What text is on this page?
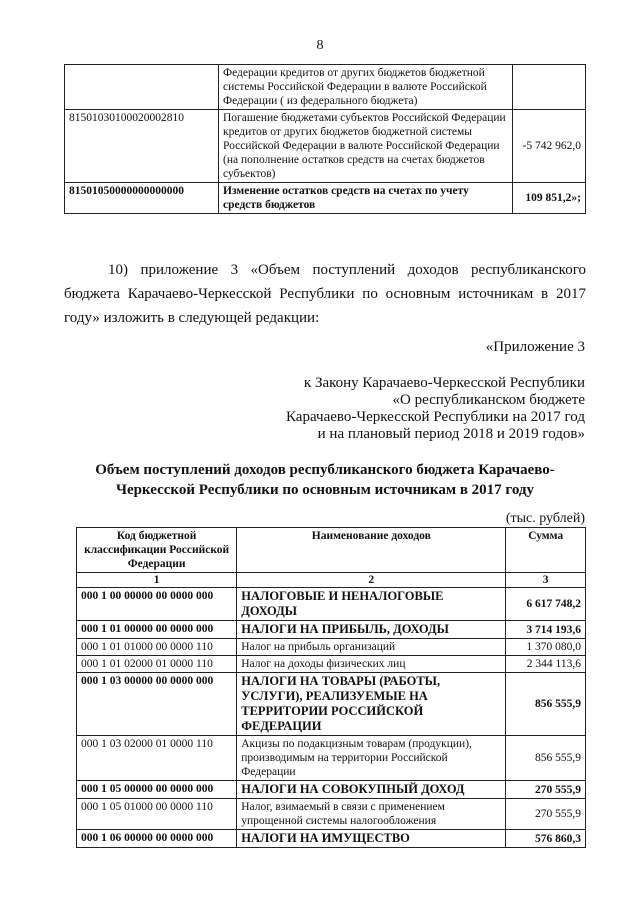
8
	Федерации кредитов от других бюджетов бюджетной системы Российской Федерации в валюте Российской Федерации ( из федерального бюджета)	
81501030100020002810	Погашение бюджетами субъектов Российской Федерации кредитов от других бюджетов бюджетной системы Российской Федерации в валюте Российской Федерации (на пополнение остатков средств на счетах бюджетов субъектов)	-5 742 962,0
81501050000000000000	Изменение остатков средств на счетах по учету средств бюджетов	109 851,2»;

10) приложение 3 «Объем поступлений доходов республиканского бюджета Карачаево-Черкесской Республики по основным источникам в 2017 году» изложить в следующей редакции:

«Приложение 3
к Закону Карачаево-Черкесской Республики
«О республиканском бюджете
Карачаево-Черкесской Республики на 2017 год
и на плановый период 2018 и 2019 годов»
Объем поступлений доходов республиканского бюджета Карачаево-Черкесской Республики по основным источникам в 2017 году
(тыс. рублей)
Код бюджетной классификации Российской Федерации	Наименование доходов	Сумма
1	2	3
000 1 00 00000 00 0000 000	НАЛОГОВЫЕ И НЕНАЛОГОВЫЕ ДОХОДЫ	6 617 748,2
000 1 01 00000 00 0000 000	НАЛОГИ НА ПРИБЫЛЬ, ДОХОДЫ	3 714 193,6
000 1 01 01000 00 0000 110	Налог на прибыль организаций	1 370 080,0
000 1 01 02000 01 0000 110	Налог на доходы физических лиц	2 344 113,6
000 1 03 00000 00 0000 000	НАЛОГИ НА ТОВАРЫ (РАБОТЫ, УСЛУГИ), РЕАЛИЗУЕМЫЕ НА ТЕРРИТОРИИ РОССИЙСКОЙ ФЕДЕРАЦИИ	856 555,9
000 1 03 02000 01 0000 110	Акцизы по подакцизным товарам (продукции), производимым на территории Российской Федерации	856 555,9
000 1 05 00000 00 0000 000	НАЛОГИ НА СОВОКУПНЫЙ ДОХОД	270 555,9
000 1 05 01000 00 0000 110	Налог, взимаемый в связи с применением упрощенной системы налогообложения	270 555,9
000 1 06 00000 00 0000 000	НАЛОГИ НА ИМУЩЕСТВО	576 860,3
